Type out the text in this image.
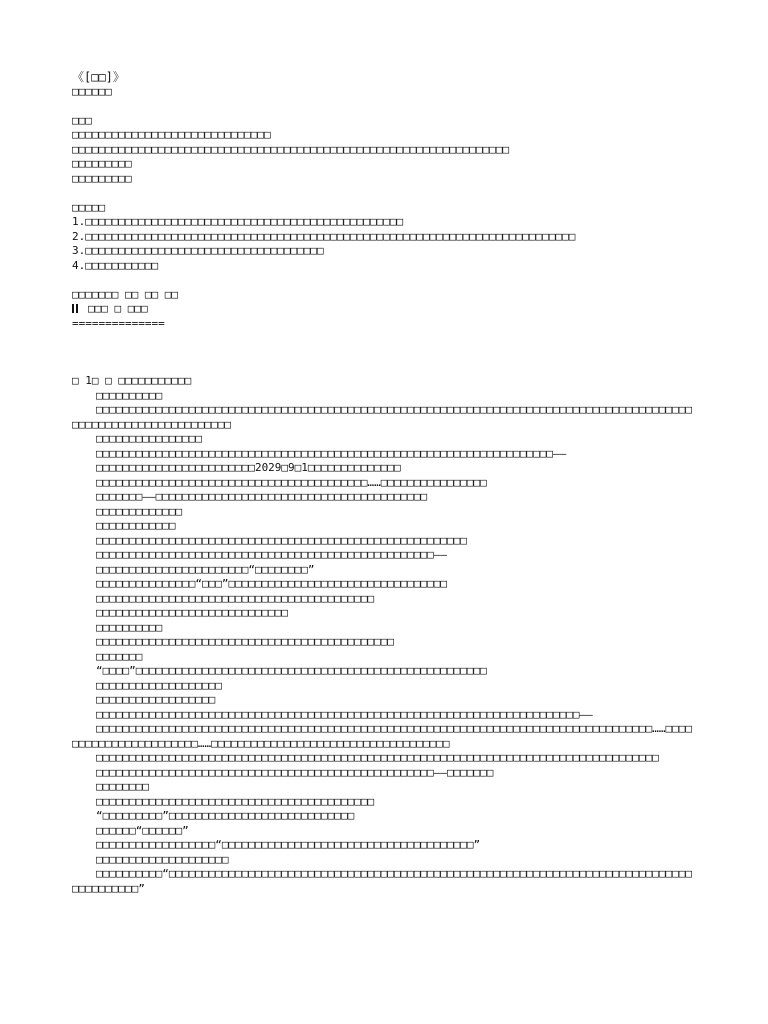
《[□□]》
□□□□□□
□□□
□□□□□□□□□□□□□□□□□□□□□□□□□□□□□□
□□□□□□□□□□□□□□□□□□□□□□□□□□□□□□□□□□□□□□□□□□□□□□□□□□□□□□□□□□□□□□□□□□
□□□□□□□□□
□□□□□□□□□
□□□□□
1.□□□□□□□□□□□□□□□□□□□□□□□□□□□□□□□□□□□□□□□□□□□□□□□□
2.□□□□□□□□□□□□□□□□□□□□□□□□□□□□□□□□□□□□□□□□□□□□□□□□□□□□□□□□□□□□□□□□□□□□□□□□□□
3.□□□□□□□□□□□□□□□□□□□□□□□□□□□□□□□□□□□□
4.□□□□□□□□□□□
□□□□□□□ □□ □□ □□
□□□ □ □□□
==============
□ 1□ □ □□□□□□□□□□□
□□□□□□□□□□
□□□□□□□□□□□□□□□□□□□□□□□□□□□□□□□□□□□□□□□□□□□□□□□□□□□□□□□□□□□□□□□□□□□□□□□□□□□□□□□□□□□□□□□□□□□□□□□□□□□□□□□□□□□□□□□□□□
□□□□□□□□□□□□□□□□
□□□□□□□□□□□□□□□□□□□□□□□□□□□□□□□□□□□□□□□□□□□□□□□□□□□□□□□□□□□□□□□□□□□□□——
□□□□□□□□□□□□□□□□□□□□□□□□2029□9□1□□□□□□□□□□□□□□
□□□□□□□□□□□□□□□□□□□□□□□□□□□□□□□□□□□□□□□□□……□□□□□□□□□□□□□□□□
□□□□□□□——□□□□□□□□□□□□□□□□□□□□□□□□□□□□□□□□□□□□□□□□□
□□□□□□□□□□□□□
□□□□□□□□□□□□
□□□□□□□□□□□□□□□□□□□□□□□□□□□□□□□□□□□□□□□□□□□□□□□□□□□□□□□□
□□□□□□□□□□□□□□□□□□□□□□□□□□□□□□□□□□□□□□□□□□□□□□□□□□□——
□□□□□□□□□□□□□□□□□□□□□□□“□□□□□□□□”
□□□□□□□□□□□□□□□“□□□”□□□□□□□□□□□□□□□□□□□□□□□□□□□□□□□□□
□□□□□□□□□□□□□□□□□□□□□□□□□□□□□□□□□□□□□□□□□□
□□□□□□□□□□□□□□□□□□□□□□□□□□□□□
□□□□□□□□□□
□□□□□□□□□□□□□□□□□□□□□□□□□□□□□□□□□□□□□□□□□□□□□
□□□□□□□
“□□□□”□□□□□□□□□□□□□□□□□□□□□□□□□□□□□□□□□□□□□□□□□□□□□□□□□□□□□
□□□□□□□□□□□□□□□□□□□
□□□□□□□□□□□□□□□□□□
□□□□□□□□□□□□□□□□□□□□□□□□□□□□□□□□□□□□□□□□□□□□□□□□□□□□□□□□□□□□□□□□□□□□□□□□□——
□□□□□□□□□□□□□□□□□□□□□□□□□□□□□□□□□□□□□□□□□□□□□□□□□□□□□□□□□□□□□□□□□□□□□□□□□□□□□□□□□□□□……□□□□□□□□□□□□□□□□□□□□□□□……□□□□□□□□□□□□□□□□□□□□□□□□□□□□□□□□□□□□
□□□□□□□□□□□□□□□□□□□□□□□□□□□□□□□□□□□□□□□□□□□□□□□□□□□□□□□□□□□□□□□□□□□□□□□□□□□□□□□□□□□□□
□□□□□□□□□□□□□□□□□□□□□□□□□□□□□□□□□□□□□□□□□□□□□□□□□□□——□□□□□□□
□□□□□□□□
□□□□□□□□□□□□□□□□□□□□□□□□□□□□□□□□□□□□□□□□□□
“□□□□□□□□□”□□□□□□□□□□□□□□□□□□□□□□□□□□□□
□□□□□□“□□□□□□”
□□□□□□□□□□□□□□□□□□“□□□□□□□□□□□□□□□□□□□□□□□□□□□□□□□□□□□□□□”
□□□□□□□□□□□□□□□□□□□□
□□□□□□□□□□“□□□□□□□□□□□□□□□□□□□□□□□□□□□□□□□□□□□□□□□□□□□□□□□□□□□□□□□□□□□□□□□□□□□□□□□□□□□□□□□□□□□□□□□□□”
